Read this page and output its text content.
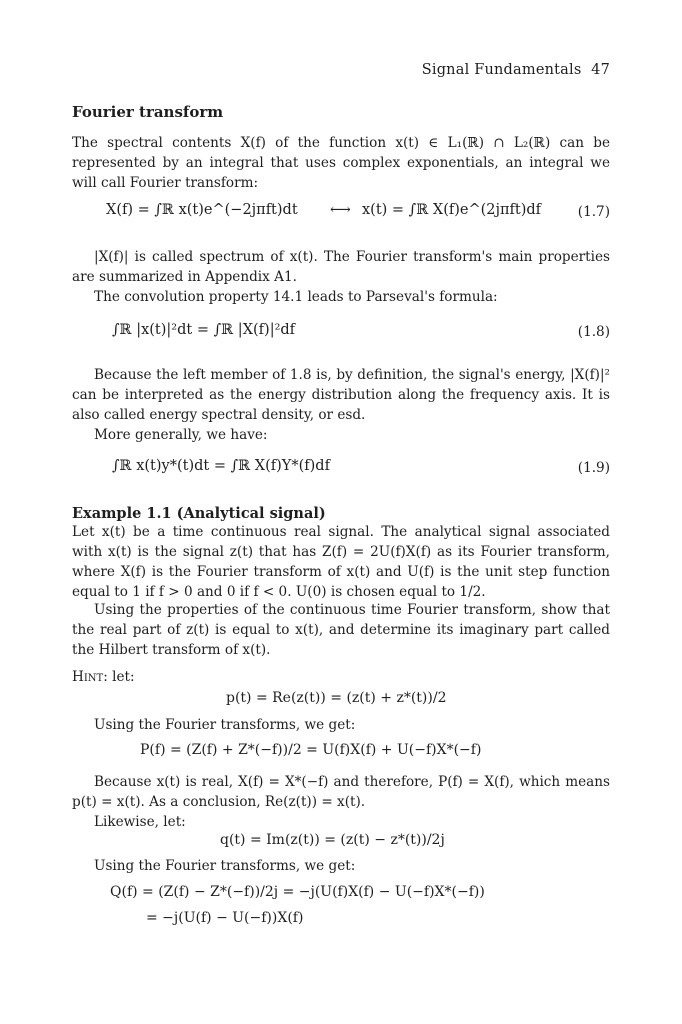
Signal Fundamentals 47
Fourier transform
The spectral contents X(f) of the function x(t) ∈ L₁(ℝ) ∩ L₂(ℝ) can be represented by an integral that uses complex exponentials, an integral we will call Fourier transform:
X(f) = ∫ℝ x(t)e^(−2jπft)dt ⟷ x(t) = ∫ℝ X(f)e^(2jπft)df	(1.7)
|X(f)| is called spectrum of x(t). The Fourier transform's main properties are summarized in Appendix A1.
The convolution property 14.1 leads to Parseval's formula:
∫ℝ |x(t)|²dt = ∫ℝ |X(f)|²df	(1.8)
Because the left member of 1.8 is, by definition, the signal's energy, |X(f)|² can be interpreted as the energy distribution along the frequency axis. It is also called energy spectral density, or esd.
More generally, we have:
∫ℝ x(t)y*(t)dt = ∫ℝ X(f)Y*(f)df	(1.9)
Example 1.1 (Analytical signal)
Let x(t) be a time continuous real signal. The analytical signal associated with x(t) is the signal z(t) that has Z(f) = 2U(f)X(f) as its Fourier transform, where X(f) is the Fourier transform of x(t) and U(f) is the unit step function equal to 1 if f > 0 and 0 if f < 0. U(0) is chosen equal to 1/2.
Using the properties of the continuous time Fourier transform, show that the real part of z(t) is equal to x(t), and determine its imaginary part called the Hilbert transform of x(t).
Hint: let:
p(t) = Re(z(t)) = (z(t) + z*(t))/2
Using the Fourier transforms, we get:
P(f) = (Z(f) + Z*(−f))/2 = U(f)X(f) + U(−f)X*(−f)
Because x(t) is real, X(f) = X*(−f) and therefore, P(f) = X(f), which means p(t) = x(t). As a conclusion, Re(z(t)) = x(t).
Likewise, let:
q(t) = Im(z(t)) = (z(t) − z*(t))/2j
Using the Fourier transforms, we get:
Q(f) = (Z(f) − Z*(−f))/2j = −j(U(f)X(f) − U(−f)X*(−f))
= −j(U(f) − U(−f))X(f)
